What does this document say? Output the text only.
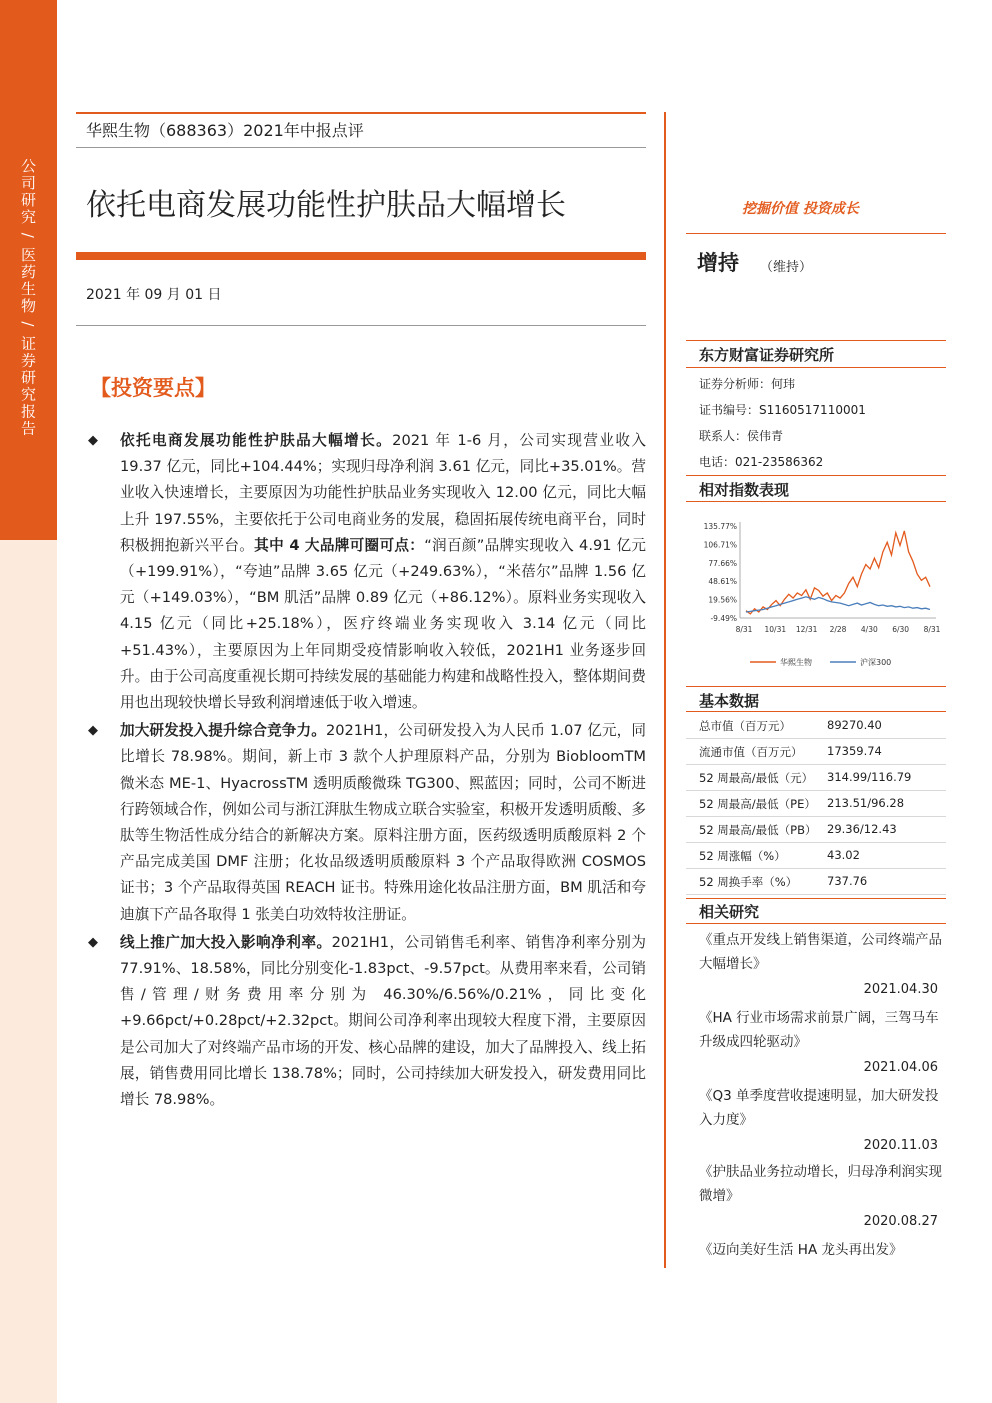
公司研究 / 医药生物 / 证券研究报告
华熙生物（688363）2021年中报点评
依托电商发展功能性护肤品大幅增长
2021 年 09 月 01 日
【投资要点】
◆ 依托电商发展功能性护肤品大幅增长。2021 年 1-6 月，公司实现营业收入 19.37 亿元，同比+104.44%；实现归母净利润 3.61 亿元，同比+35.01%。营业收入快速增长，主要原因为功能性护肤品业务实现收入 12.00 亿元，同比大幅上升 197.55%，主要依托于公司电商业务的发展，稳固拓展传统电商平台，同时积极拥抱新兴平台。其中 4 大品牌可圈可点：“润百颜”品牌实现收入 4.91 亿元（+199.91%），“夸迪”品牌 3.65 亿元（+249.63%），“米蓓尔”品牌 1.56 亿元（+149.03%），“BM 肌活”品牌 0.89 亿元（+86.12%）。原料业务实现收入 4.15 亿元（同比+25.18%），医疗终端业务实现收入 3.14 亿元（同比+51.43%），主要原因为上年同期受疫情影响收入较低，2021H1 业务逐步回升。由于公司高度重视长期可持续发展的基础能力构建和战略性投入，整体期间费用也出现较快增长导致利润增速低于收入增速。
◆ 加大研发投入提升综合竞争力。2021H1，公司研发投入为人民币 1.07 亿元，同比增长 78.98%。期间，新上市 3 款个人护理原料产品，分别为 BiobloomTM 微米态 ME-1、HyacrossTM 透明质酸微珠 TG300、熙蓝因；同时，公司不断进行跨领域合作，例如公司与浙江湃肽生物成立联合实验室，积极开发透明质酸、多肽等生物活性成分结合的新解决方案。原料注册方面，医药级透明质酸原料 2 个产品完成美国 DMF 注册；化妆品级透明质酸原料 3 个产品取得欧洲 COSMOS 证书；3 个产品取得英国 REACH 证书。特殊用途化妆品注册方面，BM 肌活和夸迪旗下产品各取得 1 张美白功效特妆注册证。
◆ 线上推广加大投入影响净利率。2021H1，公司销售毛利率、销售净利率分别为 77.91%、18.58%，同比分别变化-1.83pct、-9.57pct。从费用率来看，公司销售/管理/财务费用率分别为 46.30%/6.56%/0.21%，同比变化+9.66pct/+0.28pct/+2.32pct。期间公司净利率出现较大程度下滑，主要原因是公司加大了对终端产品市场的开发、核心品牌的建设，加大了品牌投入、线上拓展，销售费用同比增长 138.78%；同时，公司持续加大研发投入，研发费用同比增长 78.98%。
挖掘价值 投资成长
增持 （维持）
东方财富证券研究所
证券分析师：何玮
证书编号：S1160517110001
联系人：侯伟青
电话：021-23586362
相对指数表现
135.77%
106.71%
77.66%
48.61%
19.56%
-9.49%
8/31 10/31 12/31 2/28 4/30 6/30 8/31
华熙生物	沪深300
基本数据
总市值（百万元）	89270.40
流通市值（百万元） 17359.74
52 周最高/最低（元） 314.99/116.79
52 周最高/最低（PE） 213.51/96.28
52 周最高/最低（PB） 29.36/12.43
52 周涨幅（%）	43.02
52 周换手率（%）	737.76
相关研究
《重点开发线上销售渠道，公司终端产品大幅增长》
2021.04.30
《HA 行业市场需求前景广阔，三驾马车升级成四轮驱动》
2021.04.06
《Q3 单季度营收提速明显，加大研发投入力度》
2020.11.03
《护肤品业务拉动增长，归母净利润实现微增》
2020.08.27
《迈向美好生活 HA 龙头再出发》
